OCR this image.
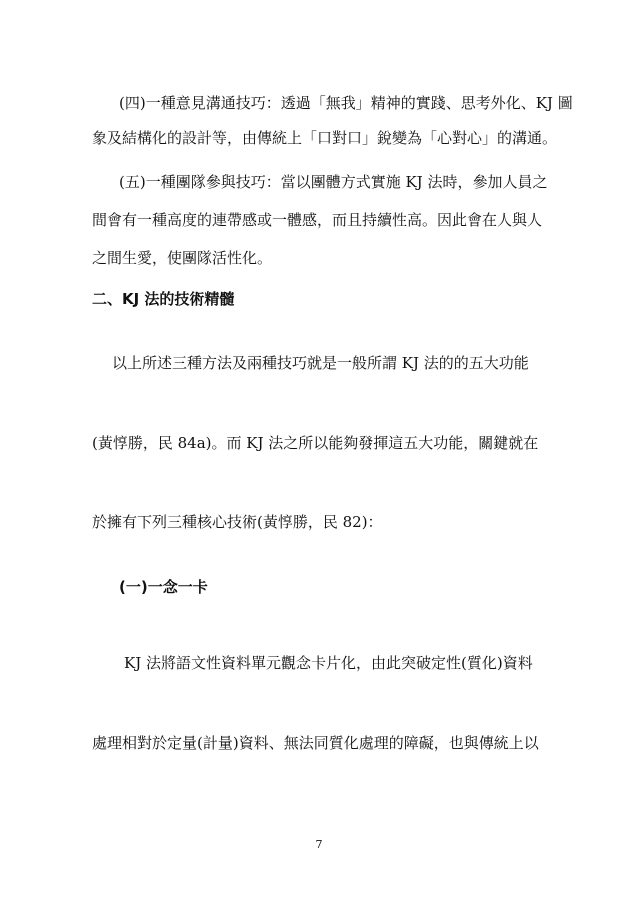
(四)一種意見溝通技巧：透過「無我」精神的實踐、思考外化、KJ 圖
象及結構化的設計等，由傳統上「口對口」銳變為「心對心」的溝通。
(五)一種團隊參與技巧：當以團體方式實施 KJ 法時，參加人員之
間會有一種高度的連帶感或一體感，而且持續性高。因此會在人與人
之間生愛，使團隊活性化。
二、KJ 法的技術精髓
以上所述三種方法及兩種技巧就是一般所謂 KJ 法的的五大功能
(黃惇勝，民 84a)。而 KJ 法之所以能夠發揮這五大功能，關鍵就在
於擁有下列三種核心技術(黃惇勝，民 82)：
(一)一念一卡
KJ 法將語文性資料單元觀念卡片化，由此突破定性(質化)資料
處理相對於定量(計量)資料、無法同質化處理的障礙，也與傳統上以
7
